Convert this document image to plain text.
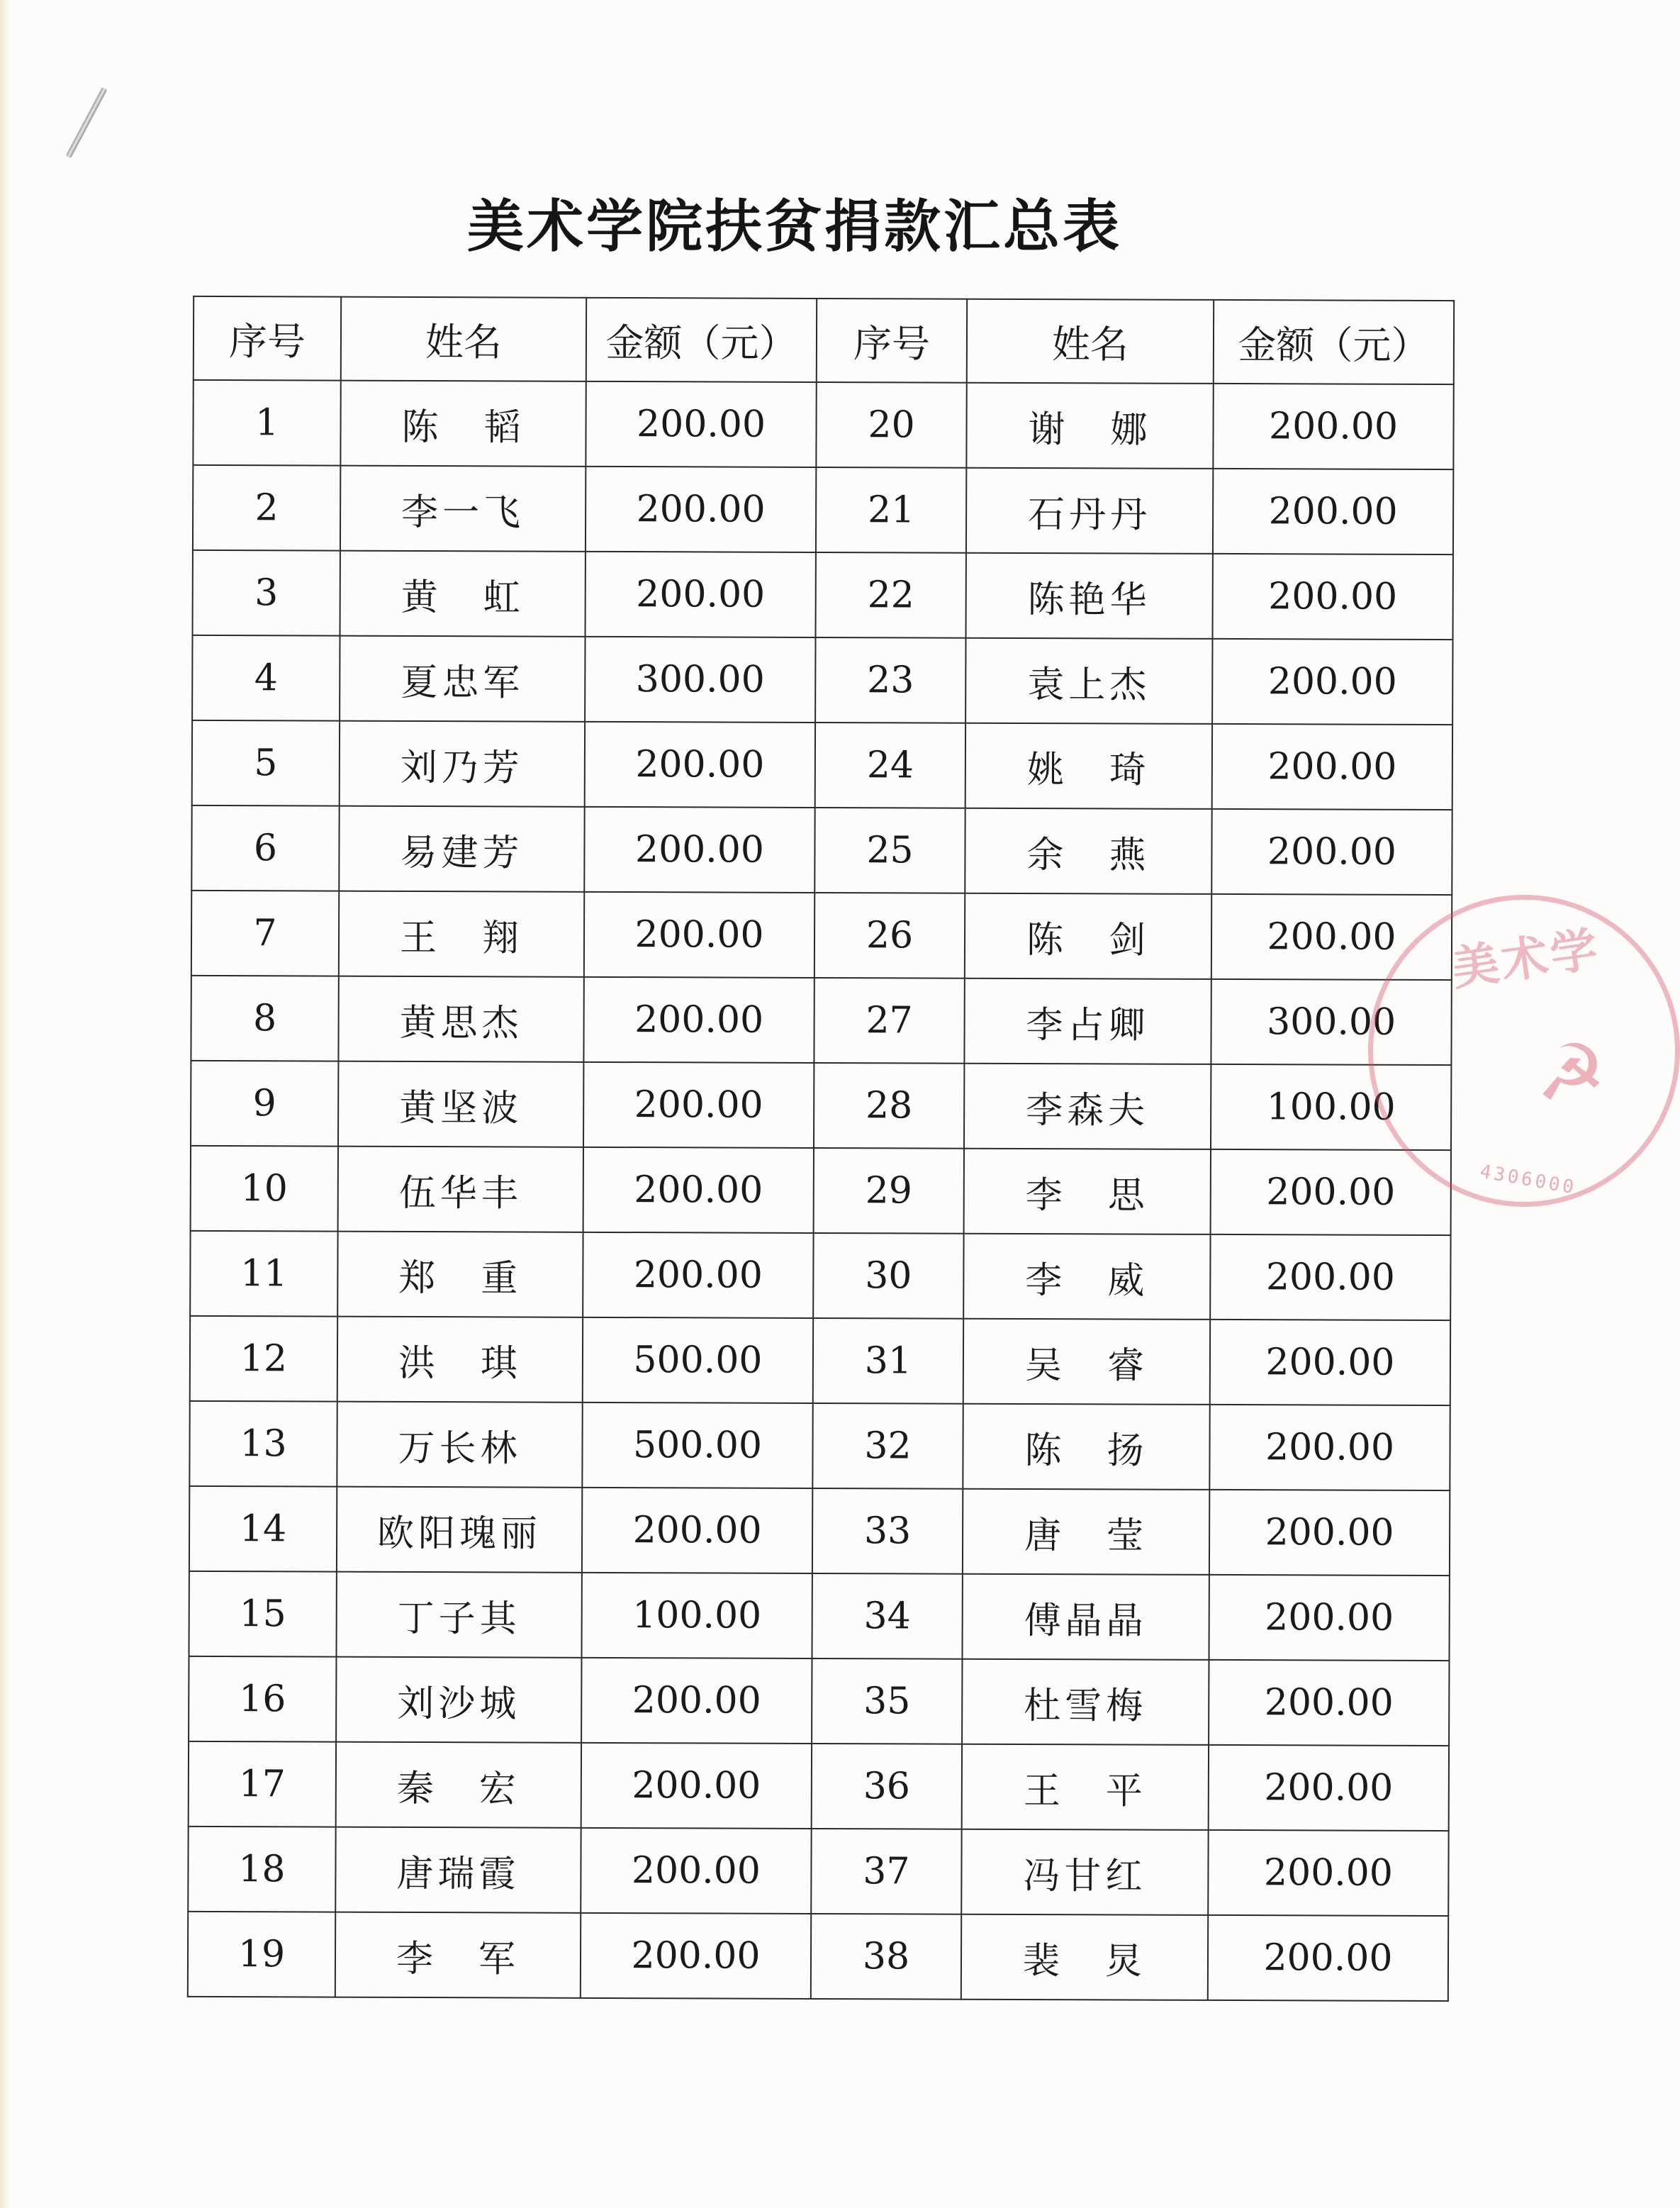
美术学院扶贫捐款汇总表
序号	姓名	金额（元）	序号	姓名	金额（元）
1	陈　韬	200.00	20	谢　娜	200.00
2	李一飞	200.00	21	石丹丹	200.00
3	黄　虹	200.00	22	陈艳华	200.00
4	夏忠军	300.00	23	袁上杰	200.00
5	刘乃芳	200.00	24	姚　琦	200.00
6	易建芳	200.00	25	余　燕	200.00
7	王　翔	200.00	26	陈　剑	200.00
8	黄思杰	200.00	27	李占卿	300.00
9	黄坚波	200.00	28	李森夫	100.00
10	伍华丰	200.00	29	李　思	200.00
11	郑　重	200.00	30	李　威	200.00
12	洪　琪	500.00	31	吴　睿	200.00
13	万长林	500.00	32	陈　扬	200.00
14	欧阳瑰丽	200.00	33	唐　莹	200.00
15	丁子其	100.00	34	傅晶晶	200.00
16	刘沙城	200.00	35	杜雪梅	200.00
17	秦　宏	200.00	36	王　平	200.00
18	唐瑞霞	200.00	37	冯甘红	200.00
19	李　军	200.00	38	裴　炅	200.00
美术学
☭
4306000
